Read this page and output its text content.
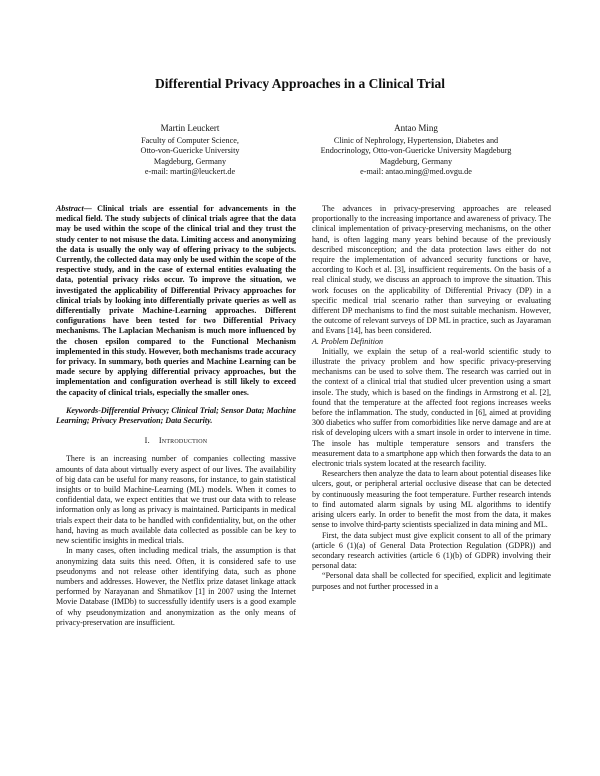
Differential Privacy Approaches in a Clinical Trial
Martin Leuckert
Faculty of Computer Science,
Otto-von-Guericke University
Magdeburg, Germany
e-mail: martin@leuckert.de
Antao Ming
Clinic of Nephrology, Hypertension, Diabetes and
Endocrinology, Otto-von-Guericke University Magdeburg
Magdeburg, Germany
e-mail: antao.ming@med.ovgu.de

Abstract— Clinical trials are essential for advancements in the medical field. The study subjects of clinical trials agree that the data may be used within the scope of the clinical trial and they trust the study center to not misuse the data. Limiting access and anonymizing the data is usually the only way of offering privacy to the subjects. Currently, the collected data may only be used within the scope of the respective study, and in the case of external entities evaluating the data, potential privacy risks occur. To improve the situation, we investigated the applicability of Differential Privacy approaches for clinical trials by looking into differentially private queries as well as differentially private Machine-Learning approaches. Different configurations have been tested for two Differential Privacy mechanisms. The Laplacian Mechanism is much more influenced by the chosen epsilon compared to the Functional Mechanism implemented in this study. However, both mechanisms trade accuracy for privacy. In summary, both queries and Machine Learning can be made secure by applying differential privacy approaches, but the implementation and configuration overhead is still likely to exceed the capacity of clinical trials, especially the smaller ones.

Keywords-Differential Privacy; Clinical Trial; Sensor Data; Machine Learning; Privacy Preservation; Data Security.

I. Introduction

There is an increasing number of companies collecting massive amounts of data about virtually every aspect of our lives. The availability of big data can be useful for many reasons, for instance, to gain statistical insights or to build Machine-Learning (ML) models. When it comes to confidential data, we expect entities that we trust our data with to release information only as long as privacy is maintained. Participants in medical trials expect their data to be handled with confidentiality, but, on the other hand, having as much available data collected as possible can be key to new scientific insights in medical trials.

In many cases, often including medical trials, the assumption is that anonymizing data suits this need. Often, it is considered safe to use pseudonyms and not release other identifying data, such as phone numbers and addresses. However, the Netflix prize dataset linkage attack performed by Narayanan and Shmatikov [1] in 2007 using the Internet Movie Database (IMDb) to successfully identify users is a good example of why pseudonymization and anonymization as the only means of privacy-preservation are insufficient.

The advances in privacy-preserving approaches are released proportionally to the increasing importance and awareness of privacy. The clinical implementation of privacy-preserving mechanisms, on the other hand, is often lagging many years behind because of the previously described misconception; and the data protection laws either do not require the implementation of advanced security functions or have, according to Koch et al. [3], insufficient requirements. On the basis of a real clinical study, we discuss an approach to improve the situation. This work focuses on the applicability of Differential Privacy (DP) in a specific medical trial scenario rather than surveying or evaluating different DP mechanisms to find the most suitable mechanism. However, the outcome of relevant surveys of DP ML in practice, such as Jayaraman and Evans [14], has been considered.

A. Problem Definition

Initially, we explain the setup of a real-world scientific study to illustrate the privacy problem and how specific privacy-preserving mechanisms can be used to solve them. The research was carried out in the context of a clinical trial that studied ulcer prevention using a smart insole. The study, which is based on the findings in Armstrong et al. [2], found that the temperature at the affected foot regions increases weeks before the inflammation. The study, conducted in [6], aimed at providing 300 diabetics who suffer from comorbidities like nerve damage and are at risk of developing ulcers with a smart insole in order to intervene in time. The insole has multiple temperature sensors and transfers the measurement data to a smartphone app which then forwards the data to an electronic trials system located at the research facility.

Researchers then analyze the data to learn about potential diseases like ulcers, gout, or peripheral arterial occlusive disease that can be detected by continuously measuring the foot temperature. Further research intends to find automated alarm signals by using ML algorithms to identify arising ulcers early. In order to benefit the most from the data, it makes sense to involve third-party scientists specialized in data mining and ML.

First, the data subject must give explicit consent to all of the primary (article 6 (1)(a) of General Data Protection Regulation (GDPR)) and secondary research activities (article 6 (1)(b) of GDPR) involving their personal data:

“Personal data shall be collected for specified, explicit and legitimate purposes and not further processed in a
